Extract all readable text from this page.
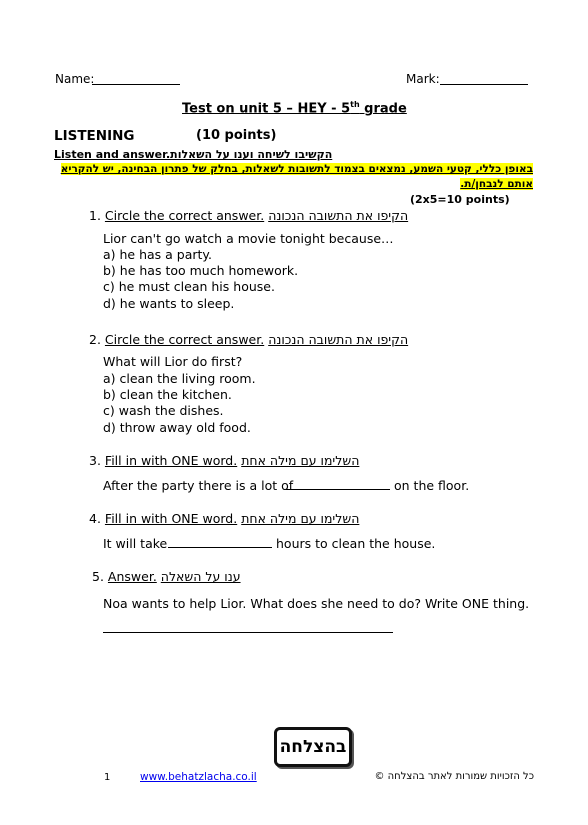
Name:	Mark:
Test on unit 5 – HEY - 5th grade
LISTENING	(10 points)
Listen and answer.
הקשיבו לשיחה וענו על השאלות.
באופן כללי, קטעי השמע, נמצאים בצמוד לתשובות לשאלות, בחלק של פתרון הבחינה, יש להקריא
אותם לנבחן/ת.
(2x5=10 points)
1. Circle the correct answer. הקיפו את התשובה הנכונה
Lior can't go watch a movie tonight because…
a) he has a party.
b) he has too much homework.
c) he must clean his house.
d) he wants to sleep.
2. Circle the correct answer. הקיפו את התשובה הנכונה
What will Lior do first?
a) clean the living room.
b) clean the kitchen.
c) wash the dishes.
d) throw away old food.
3. Fill in with ONE word. השלימו עם מילה אחת
After the party there is a lot of	on the floor.
4. Fill in with ONE word. השלימו עם מילה אחת
It will take	hours to clean the house.
5. Answer. ענו על השאלה
Noa wants to help Lior. What does she need to do? Write ONE thing.
בהצלחה
1	www.behatzlacha.co.il	כל הזכויות שמורות לאתר בהצלחה ©
